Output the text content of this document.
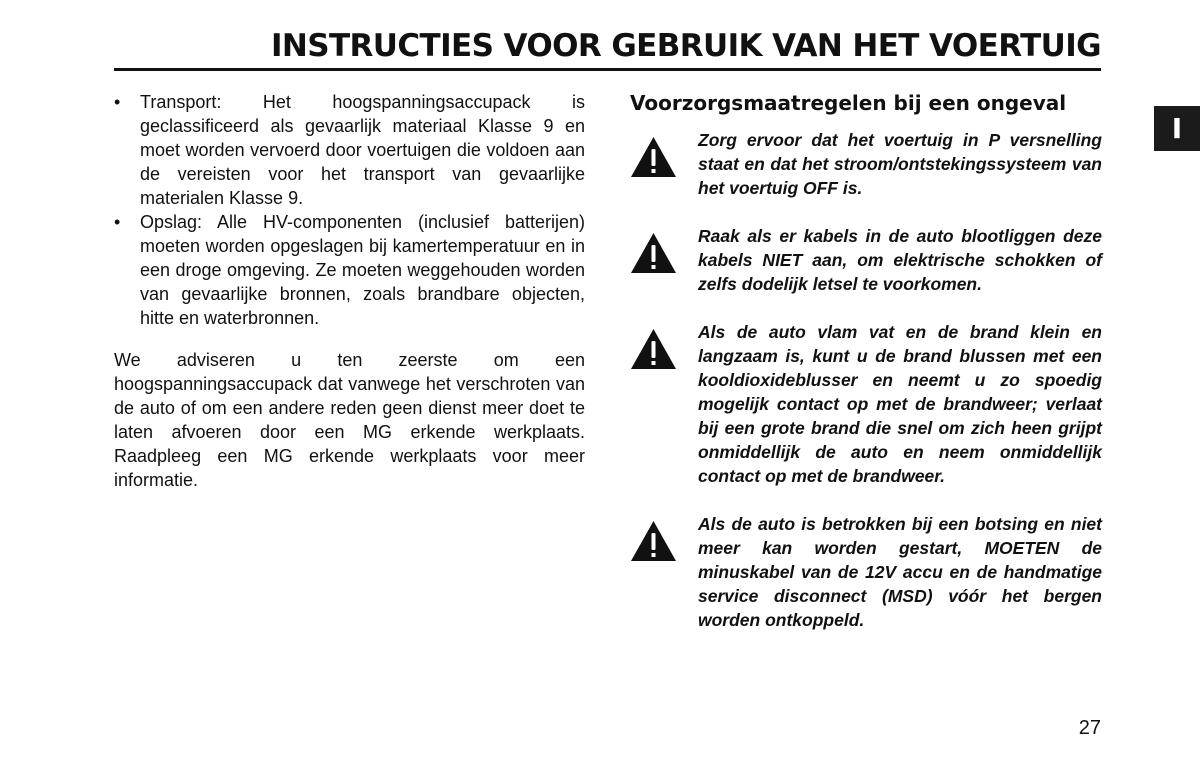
INSTRUCTIES VOOR GEBRUIK VAN HET VOERTUIG
I
• Transport: Het hoogspanningsaccupack is geclassificeerd als gevaarlijk materiaal Klasse 9 en moet worden vervoerd door voertuigen die voldoen aan de vereisten voor het transport van gevaarlijke materialen Klasse 9.
• Opslag: Alle HV-componenten (inclusief batterijen) moeten worden opgeslagen bij kamertemperatuur en in een droge omgeving. Ze moeten weggehouden worden van gevaarlijke bronnen, zoals brandbare objecten, hitte en waterbronnen.

We adviseren u ten zeerste om een hoogspanningsaccupack dat vanwege het verschroten van de auto of om een andere reden geen dienst meer doet te laten afvoeren door een MG erkende werkplaats. Raadpleeg een MG erkende werkplaats voor meer informatie.

Voorzorgsmaatregelen bij een ongeval
Zorg ervoor dat het voertuig in P versnelling staat en dat het stroom/ontstekingssysteem van het voertuig OFF is.
Raak als er kabels in de auto blootliggen deze kabels NIET aan, om elektrische schokken of zelfs dodelijk letsel te voorkomen.
Als de auto vlam vat en de brand klein en langzaam is, kunt u de brand blussen met een kooldioxideblusser en neemt u zo spoedig mogelijk contact op met de brandweer; verlaat bij een grote brand die snel om zich heen grijpt onmiddellijk de auto en neem onmiddellijk contact op met de brandweer.
Als de auto is betrokken bij een botsing en niet meer kan worden gestart, MOETEN de minuskabel van de 12V accu en de handmatige service disconnect (MSD) vóór het bergen worden ontkoppeld.
27
